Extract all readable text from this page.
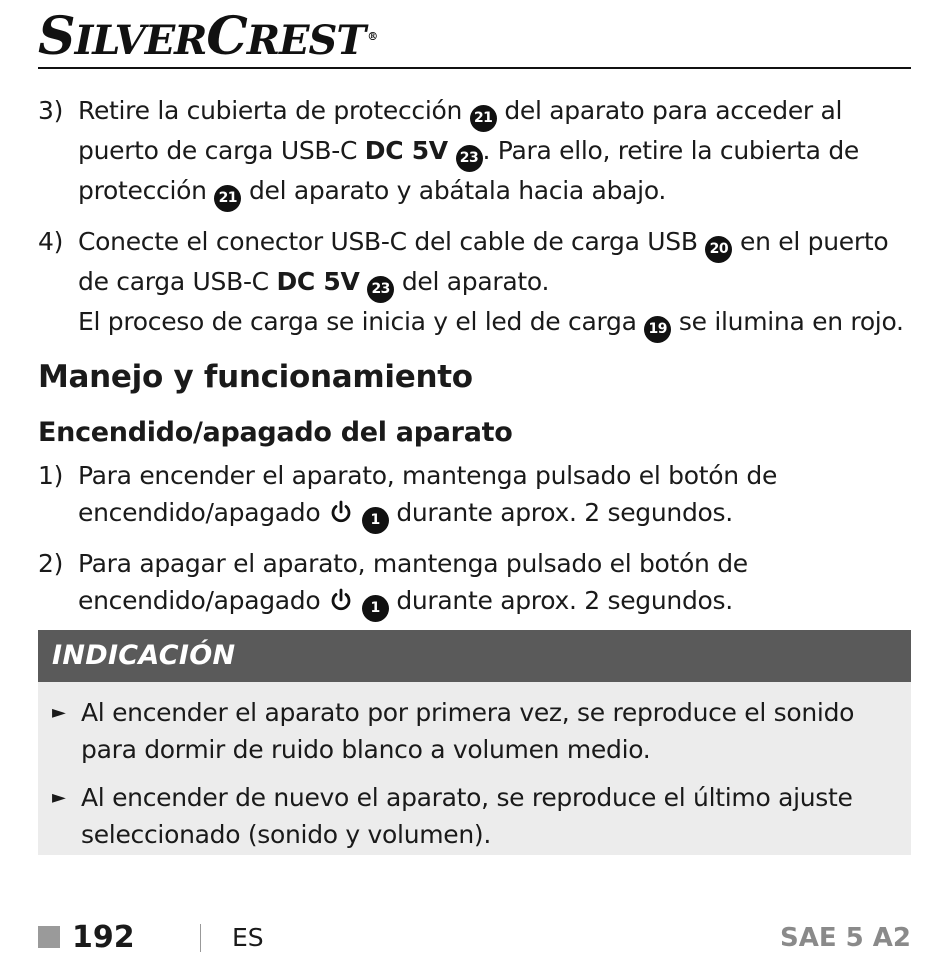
SILVERCREST ®
3) Retire la cubierta de protección 21 del aparato para acceder al puerto de carga USB-C DC 5V 23 . Para ello, retire la cubierta de protección 21 del aparato y abátala hacia abajo.
4) Conecte el conector USB-C del cable de carga USB 20 en el puerto de carga USB-C DC 5V 23 del aparato.
El proceso de carga se inicia y el led de carga 19 se ilumina en rojo.
Manejo y funcionamiento
Encendido/apagado del aparato
1) Para encender el aparato, mantenga pulsado el botón de encendido/apagado	1 durante aprox. 2 segundos.
2) Para apagar el aparato, mantenga pulsado el botón de encendido/apagado	1 durante aprox. 2 segundos.
INDICACIÓN
► Al encender el aparato por primera vez, se reproduce el sonido para dormir de ruido blanco a volumen medio.
► Al encender de nuevo el aparato, se reproduce el último ajuste seleccionado (sonido y volumen).
192	ES	SAE 5 A2
